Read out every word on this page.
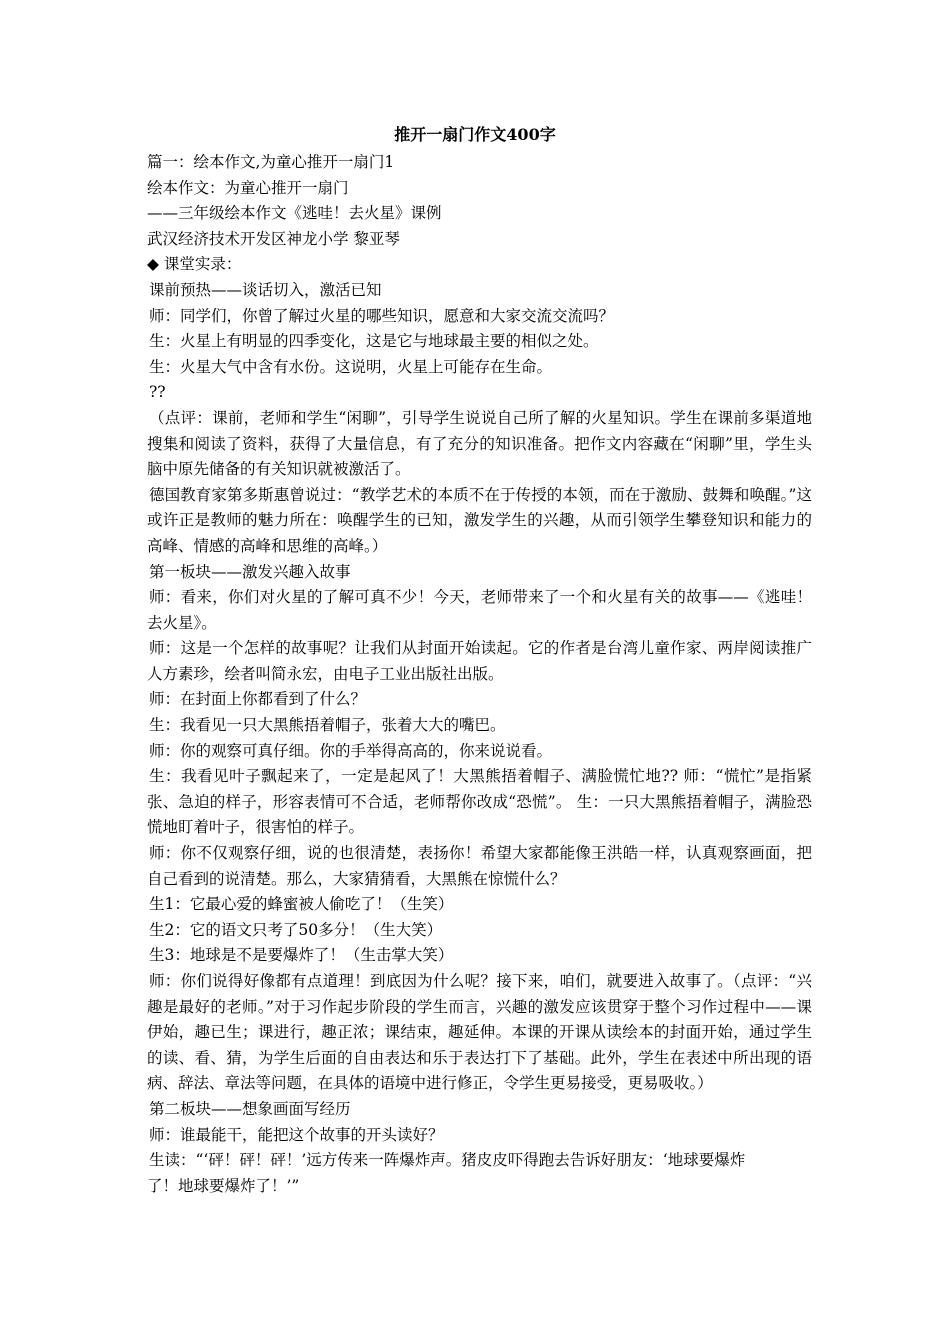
推开一扇门作文400字

篇一：绘本作文,为童心推开一扇门1

绘本作文：为童心推开一扇门

——三年级绘本作文《逃哇！去火星》课例

武汉经济技术开发区神龙小学 黎亚琴

◆ 课堂实录：

课前预热——谈话切入，激活已知

师：同学们，你曾了解过火星的哪些知识，愿意和大家交流交流吗？

生：火星上有明显的四季变化，这是它与地球最主要的相似之处。

生：火星大气中含有水份。这说明，火星上可能存在生命。

??

（点评：课前，老师和学生“闲聊”，引导学生说说自己所了解的火星知识。学生在课前多渠道地搜集和阅读了资料，获得了大量信息，有了充分的知识准备。把作文内容藏在“闲聊”里，学生头脑中原先储备的有关知识就被激活了。

德国教育家第多斯惠曾说过：“教学艺术的本质不在于传授的本领，而在于激励、鼓舞和唤醒。”这或许正是教师的魅力所在：唤醒学生的已知，激发学生的兴趣，从而引领学生攀登知识和能力的高峰、情感的高峰和思维的高峰。）

第一板块——激发兴趣入故事

师：看来，你们对火星的了解可真不少！今天，老师带来了一个和火星有关的故事——《逃哇！去火星》。

师：这是一个怎样的故事呢？让我们从封面开始读起。它的作者是台湾儿童作家、两岸阅读推广人方素珍，绘者叫简永宏，由电子工业出版社出版。

师：在封面上你都看到了什么？

生：我看见一只大黑熊捂着帽子，张着大大的嘴巴。

师：你的观察可真仔细。你的手举得高高的，你来说说看。

生：我看见叶子飘起来了，一定是起风了！大黑熊捂着帽子、满脸慌忙地?? 师：“慌忙”是指紧张、急迫的样子，形容表情可不合适，老师帮你改成“恐慌”。 生：一只大黑熊捂着帽子，满脸恐慌地盯着叶子，很害怕的样子。

师：你不仅观察仔细，说的也很清楚，表扬你！希望大家都能像王洪皓一样，认真观察画面，把自己看到的说清楚。那么，大家猜猜看，大黑熊在惊慌什么？

生1：它最心爱的蜂蜜被人偷吃了！（生笑）

生2：它的语文只考了50多分！（生大笑）

生3：地球是不是要爆炸了！（生击掌大笑）

师：你们说得好像都有点道理！到底因为什么呢？接下来，咱们，就要进入故事了。（点评：“兴趣是最好的老师。”对于习作起步阶段的学生而言，兴趣的激发应该贯穿于整个习作过程中——课伊始，趣已生；课进行，趣正浓；课结束，趣延伸。本课的开课从读绘本的封面开始，通过学生的读、看、猜，为学生后面的自由表达和乐于表达打下了基础。此外，学生在表述中所出现的语病、辞法、章法等问题，在具体的语境中进行修正，令学生更易接受，更易吸收。）

第二板块——想象画面写经历

师：谁最能干，能把这个故事的开头读好？

生读：“‘砰！砰！砰！’远方传来一阵爆炸声。猪皮皮吓得跑去告诉好朋友：‘地球要爆炸

了！地球要爆炸了！’”
